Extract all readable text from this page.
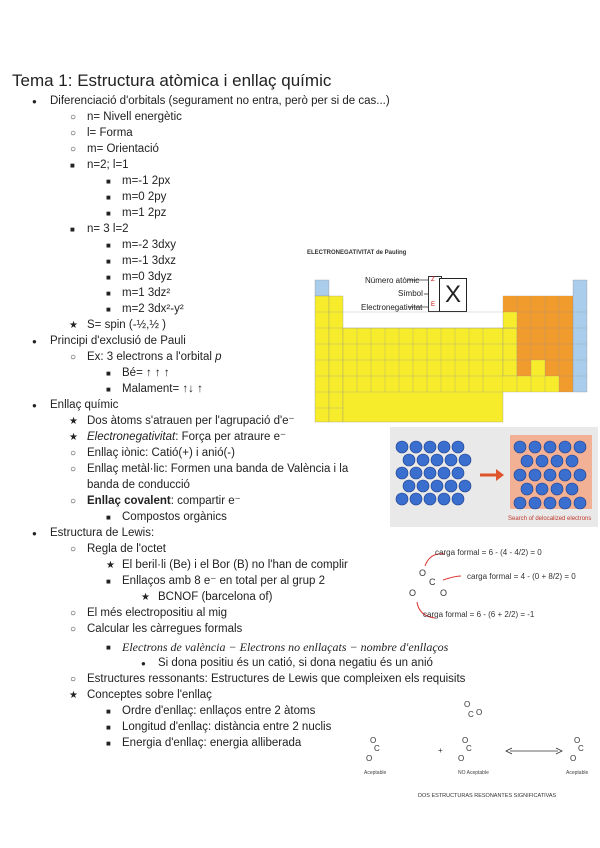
Tema 1: Estructura atòmica i enllaç químic
● Diferenciació d'orbitals (segurament no entra, però per si de cas...)
○ n= Nivell energètic
○ l= Forma
○ m= Orientació
■ n=2; l=1
■ m=-1 2px
■ m=0 2py
■ m=1 2pz
■ n= 3 l=2
■ m=-2 3dxy
■ m=-1 3dxz
■ m=0 3dyz
■ m=1 3dz²
■ m=2 3dx²-y²
★ S= spin (-½,½ )
● Principi d'exclusió de Pauli
○ Ex: 3 electrons a l'orbital p
■ Bé= ↑ ↑ ↑
■ Malament= ↑↓ ↑
● Enllaç químic
★ Dos àtoms s'atrauen per l'agrupació d'e⁻
★ Electronegativitat: Força per atraure e⁻
○ Enllaç iònic: Catió(+) i anió(-)
○ Enllaç metàl·lic: Formen una banda de València i la
banda de conducció
○ Enllaç covalent: compartir e⁻
■ Compostos orgànics
● Estructura de Lewis:
○ Regla de l'octet
★ El beril·li (Be) i el Bor (B) no l'han de complir
■ Enllaços amb 8 e⁻ en total per al grup 2
★ BCNOF (barcelona of)
○ El més electropositiu al mig
○ Calcular les càrregues formals
■ Electrons de valència − Electrons no enllaçats − nombre d'enllaços
● Si dona positiu és un catió, si dona negatiu és un anió
○ Estructures ressonants: Estructures de Lewis que compleixen els requisits
★ Conceptes sobre l'enllaç
■ Ordre d'enllaç: enllaços entre 2 àtoms
■ Longitud d'enllaç: distància entre 2 nuclis
■ Energia d'enllaç: energia alliberada
ELECTRONEGATIVITAT de Pauling
Número atòmic
Símbol
Electronegativitat X
Z
E
Search of delocalized electrons
O
C
O	O
carga formal = 6 - (4 - 4/2) = 0
carga formal = 4 - (0 + 8/2) = 0
carga formal = 6 - (6 + 2/2) = -1
O
C O
O
C
O
O
C
O
O
C
O
+
Aceptable	NO Aceptable	Aceptable
DOS ESTRUCTURAS RESONANTES SIGNIFICATIVAS
